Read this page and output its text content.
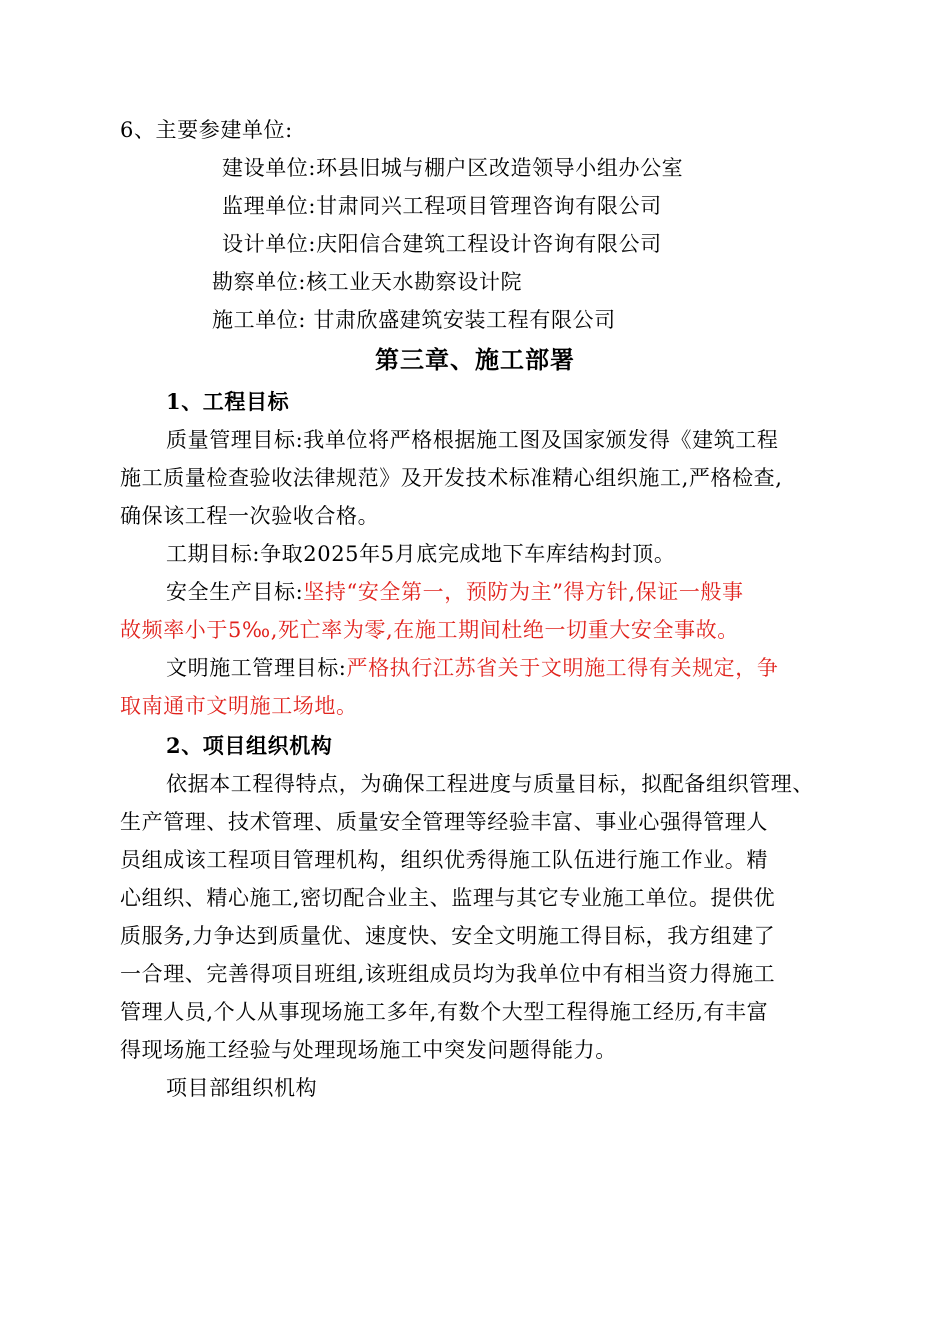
6、主要参建单位:
建设单位:环县旧城与棚户区改造领导小组办公室
监理单位:甘肃同兴工程项目管理咨询有限公司
设计单位:庆阳信合建筑工程设计咨询有限公司
勘察单位:核工业天水勘察设计院
施工单位: 甘肃欣盛建筑安装工程有限公司
第三章、施工部署
1、工程目标
质量管理目标:我单位将严格根据施工图及国家颁发得《建筑工程
施工质量检查验收法律规范》及开发技术标准精心组织施工,严格检查,
确保该工程一次验收合格。
工期目标:争取2025年5月底完成地下车库结构封顶。
安全生产目标:坚持“安全第一，预防为主”得方针,保证一般事
故频率小于5‰,死亡率为零,在施工期间杜绝一切重大安全事故。
文明施工管理目标:严格执行江苏省关于文明施工得有关规定，争
取南通市文明施工场地。
2、项目组织机构
依据本工程得特点，为确保工程进度与质量目标，拟配备组织管理、
生产管理、技术管理、质量安全管理等经验丰富、事业心强得管理人
员组成该工程项目管理机构，组织优秀得施工队伍进行施工作业。精
心组织、精心施工,密切配合业主、监理与其它专业施工单位。提供优
质服务,力争达到质量优、速度快、安全文明施工得目标，我方组建了
一合理、完善得项目班组,该班组成员均为我单位中有相当资力得施工
管理人员,个人从事现场施工多年,有数个大型工程得施工经历,有丰富
得现场施工经验与处理现场施工中突发问题得能力。
项目部组织机构
